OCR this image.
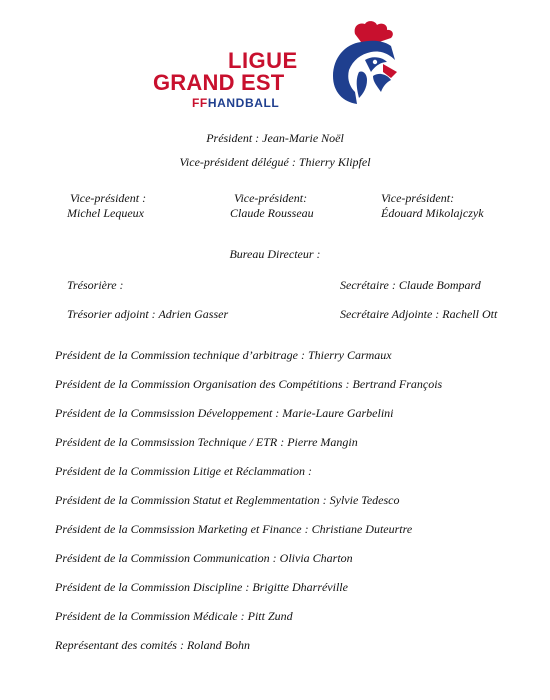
LIGUE
GRAND EST
FFHANDBALL
Président : Jean-Marie Noël
Vice-président délégué : Thierry Klipfel
Vice-président :
Michel Lequeux
Vice-président:
Claude Rousseau
Vice-président:
Édouard Mikolajczyk
Bureau Directeur :
Trésorière :	Secrétaire : Claude Bompard
Trésorier adjoint : Adrien Gasser	Secrétaire Adjointe : Rachell Ott
Président de la Commission technique d’arbitrage : Thierry Carmaux
Président de la Commission Organisation des Compétitions : Bertrand François
Président de la Commsission Développement : Marie-Laure Garbelini
Président de la Commsission Technique / ETR : Pierre Mangin
Président de la Commission Litige et Réclammation :
Président de la Commission Statut et Reglemmentation : Sylvie Tedesco
Président de la Commsission Marketing et Finance : Christiane Duteurtre
Président de la Commission Communication : Olivia Charton
Président de la Commission Discipline : Brigitte Dharréville
Président de la Commission Médicale : Pitt Zund
Représentant des comités : Roland Bohn
